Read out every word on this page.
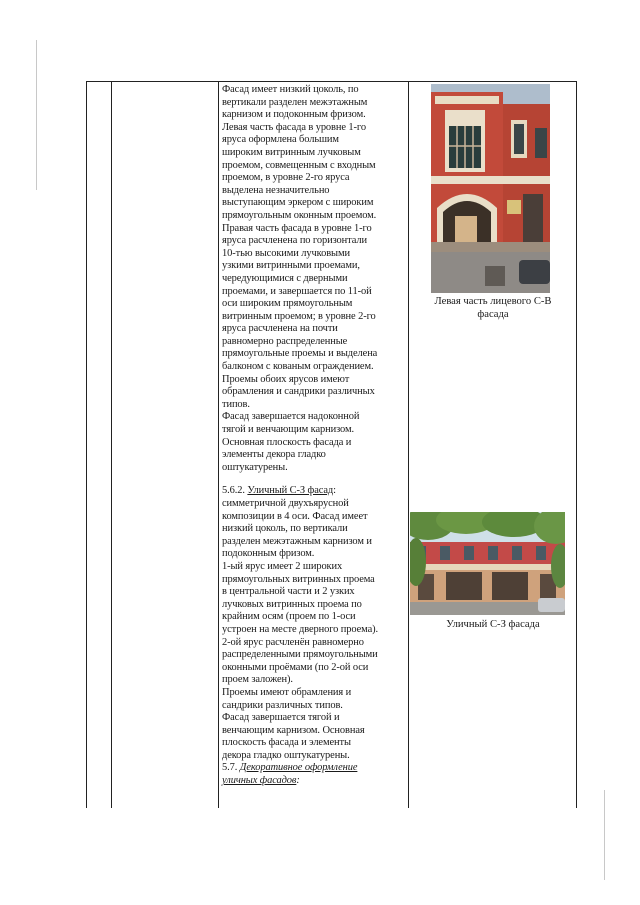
Фасад имеет низкий цоколь, по

вертикали разделен межэтажным

карнизом и подоконным фризом.

Левая часть фасада в уровне 1-го

яруса оформлена большим

широким витринным лучковым

проемом, совмещенным с входным

проемом, в уровне 2-го яруса

выделена незначительно

выступающим эркером с широким

прямоугольным оконным проемом.

Правая часть фасада в уровне 1-го

яруса расчленена по горизонтали

10-тью высокими лучковыми

узкими витринными проемами,

чередующимися с дверными

проемами, и завершается по 11-ой

оси широким прямоугольным

витринным проемом; в уровне 2-го

яруса расчленена на почти

равномерно распределенные

прямоугольные проемы и выделена

балконом с кованым ограждением.

Проемы обоих ярусов имеют

обрамления и сандрики различных

типов.

Фасад завершается надоконной

тягой и венчающим карнизом.

Основная плоскость фасада и

элементы декора гладко

оштукатурены.

5.6.2. Уличный С-З фасад:

симметричной двухъярусной

композиции в 4 оси. Фасад имеет

низкий цоколь, по вертикали

разделен межэтажным карнизом и

подоконным фризом.

1-ый ярус имеет 2 широких

прямоугольных витринных проема

в центральной части и 2 узких

лучковых витринных проема по

крайним осям (проем по 1-оси

устроен на месте дверного проема).

2-ой ярус расчленён равномерно

распределенными прямоугольными

оконными проёмами (по 2-ой оси

проем заложен).

Проемы имеют обрамления и

сандрики различных типов.

Фасад завершается тягой и

венчающим карнизом. Основная

плоскость фасада и элементы

декора гладко оштукатурены.

5.7. Декоративное оформление

уличных фасадов:

Левая часть лицевого С-В
фасада
Уличный С-З фасада
